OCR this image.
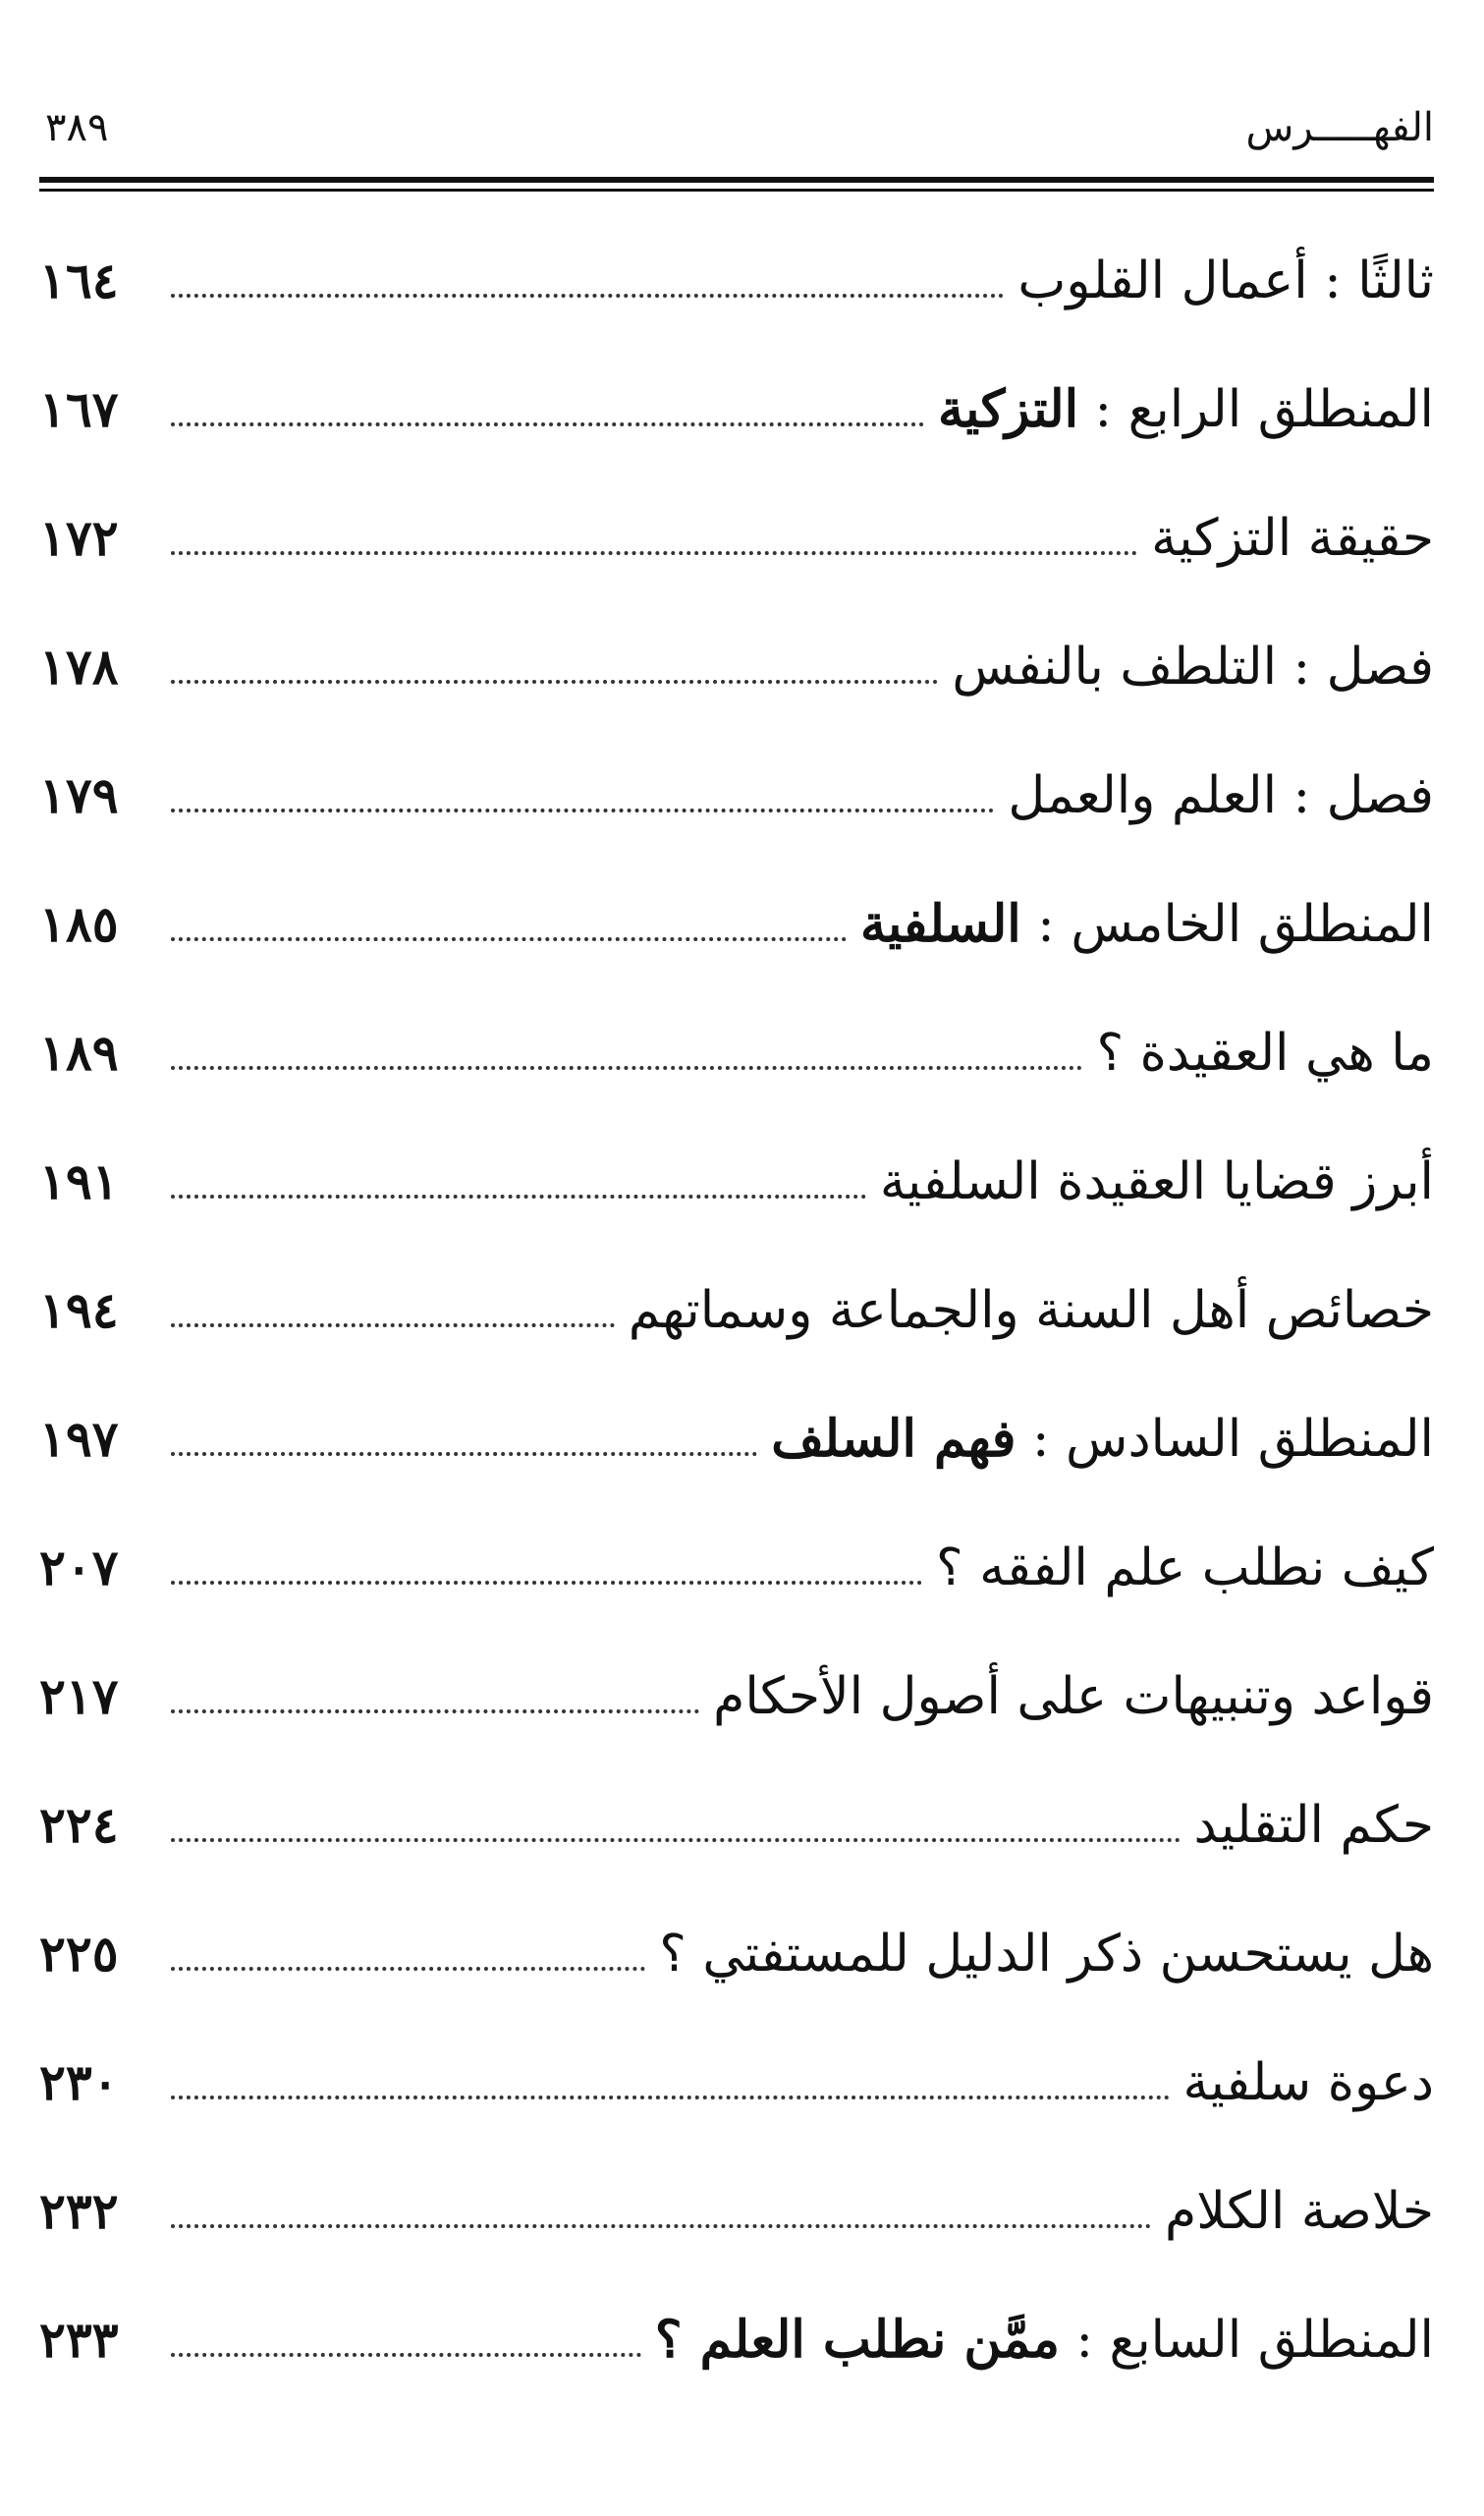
الفهـــــرس
٣٨٩
ثالثًا : أعمال القلوب
١٦٤
المنطلق الرابع : التزكية
١٦٧
حقيقة التزكية
١٧٢
فصل : التلطف بالنفس
١٧٨
فصل : العلم والعمل
١٧٩
المنطلق الخامس : السلفية
١٨٥
ما هي العقيدة ؟
١٨٩
أبرز قضايا العقيدة السلفية
١٩١
خصائص أهل السنة والجماعة وسماتهم
١٩٤
المنطلق السادس : فهم السلف
١٩٧
كيف نطلب علم الفقه ؟
٢٠٧
قواعد وتنبيهات على أصول الأحكام
٢١٧
حكم التقليد
٢٢٤
هل يستحسن ذكر الدليل للمستفتي ؟
٢٢٥
دعوة سلفية
٢٣٠
خلاصة الكلام
٢٣٢
المنطلق السابع : ممَّن نطلب العلم ؟
٢٣٣
